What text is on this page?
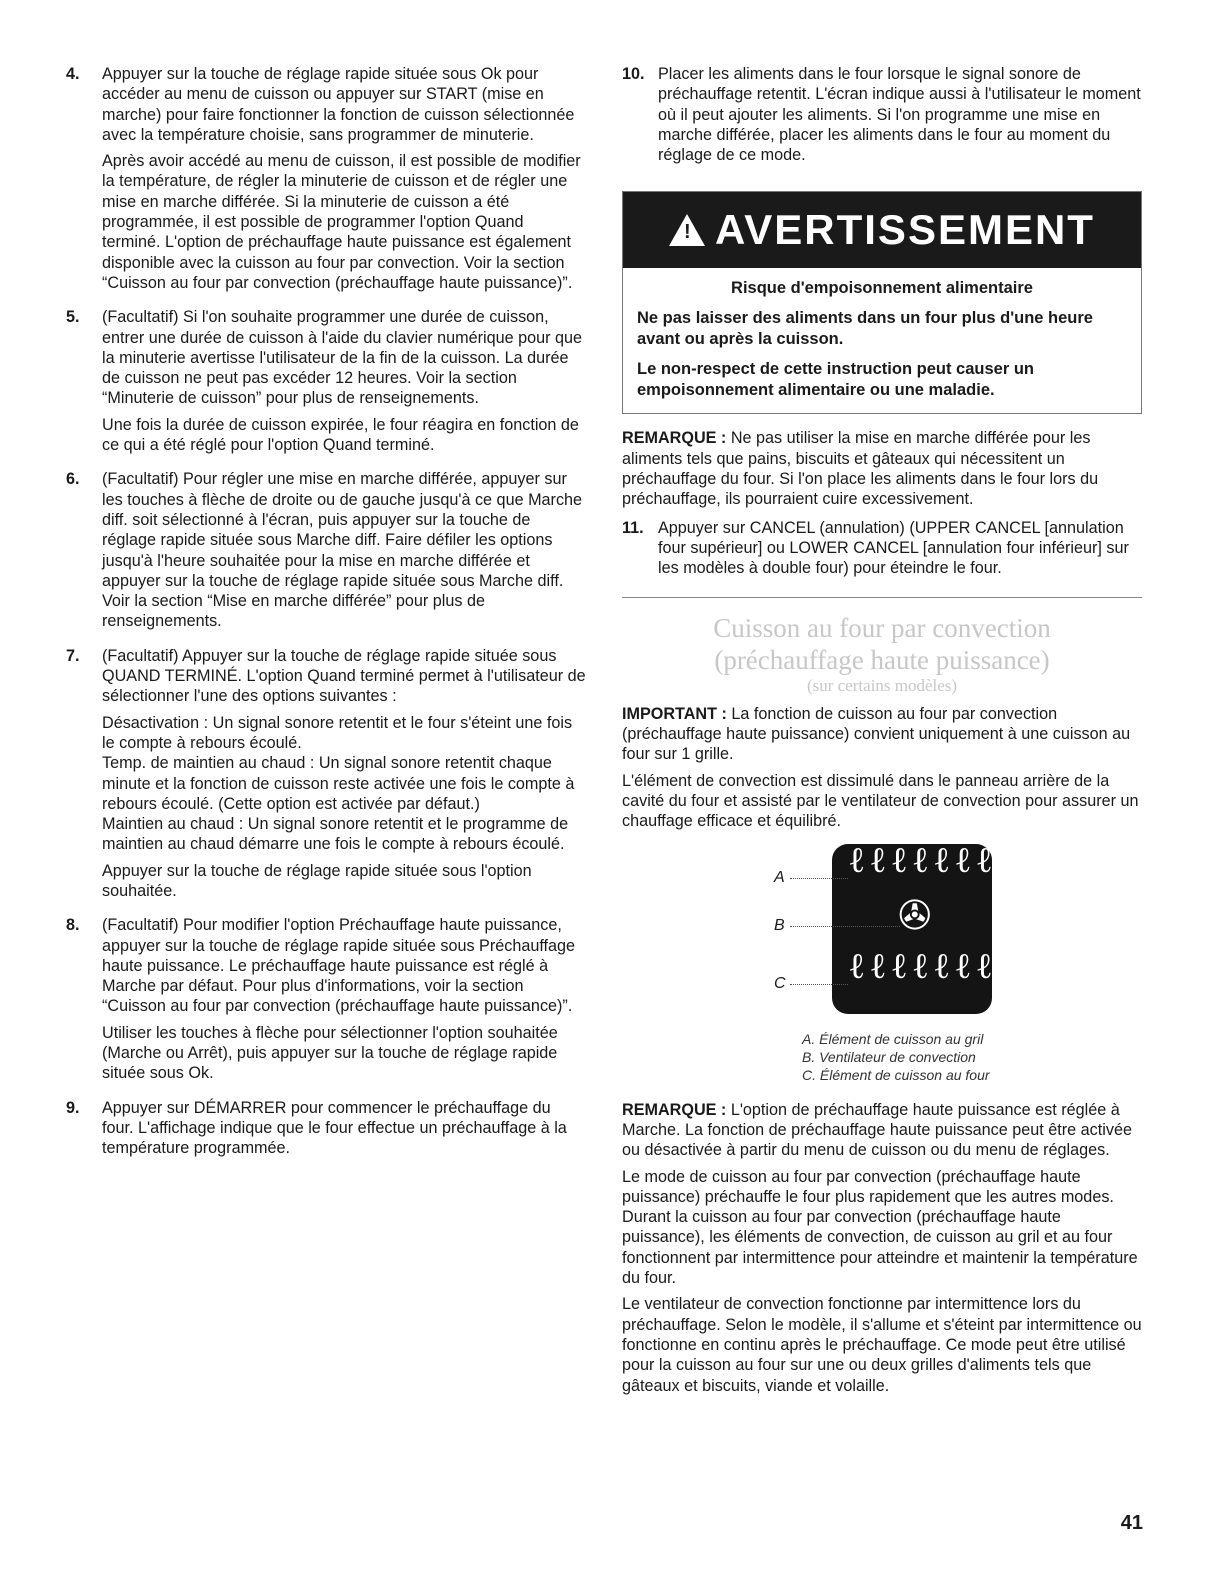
4.	Appuyer sur la touche de réglage rapide située sous Ok pour accéder au menu de cuisson ou appuyer sur START (mise en marche) pour faire fonctionner la fonction de cuisson sélectionnée avec la température choisie, sans programmer de minuterie.

Après avoir accédé au menu de cuisson, il est possible de modifier la température, de régler la minuterie de cuisson et de régler une mise en marche différée. Si la minuterie de cuisson a été programmée, il est possible de programmer l'option Quand terminé. L'option de préchauffage haute puissance est également disponible avec la cuisson au four par convection. Voir la section “Cuisson au four par convection (préchauffage haute puissance)”.

5.	(Facultatif) Si l'on souhaite programmer une durée de cuisson, entrer une durée de cuisson à l'aide du clavier numérique pour que la minuterie avertisse l'utilisateur de la fin de la cuisson. La durée de cuisson ne peut pas excéder 12 heures. Voir la section “Minuterie de cuisson” pour plus de renseignements.

Une fois la durée de cuisson expirée, le four réagira en fonction de ce qui a été réglé pour l'option Quand terminé.

6.	(Facultatif) Pour régler une mise en marche différée, appuyer sur les touches à flèche de droite ou de gauche jusqu'à ce que Marche diff. soit sélectionné à l'écran, puis appuyer sur la touche de réglage rapide située sous Marche diff. Faire défiler les options jusqu'à l'heure souhaitée pour la mise en marche différée et appuyer sur la touche de réglage rapide située sous Marche diff. Voir la section “Mise en marche différée” pour plus de renseignements.

7.	(Facultatif) Appuyer sur la touche de réglage rapide située sous QUAND TERMINÉ. L'option Quand terminé permet à l'utilisateur de sélectionner l'une des options suivantes :

Désactivation : Un signal sonore retentit et le four s'éteint une fois le compte à rebours écoulé.

Temp. de maintien au chaud : Un signal sonore retentit chaque minute et la fonction de cuisson reste activée une fois le compte à rebours écoulé. (Cette option est activée par défaut.)

Maintien au chaud : Un signal sonore retentit et le programme de maintien au chaud démarre une fois le compte à rebours écoulé.

Appuyer sur la touche de réglage rapide située sous l'option souhaitée.

8.	(Facultatif) Pour modifier l'option Préchauffage haute puissance, appuyer sur la touche de réglage rapide située sous Préchauffage haute puissance. Le préchauffage haute puissance est réglé à Marche par défaut. Pour plus d'informations, voir la section “Cuisson au four par convection (préchauffage haute puissance)”.

Utiliser les touches à flèche pour sélectionner l'option souhaitée (Marche ou Arrêt), puis appuyer sur la touche de réglage rapide située sous Ok.

9.	Appuyer sur DÉMARRER pour commencer le préchauffage du four. L'affichage indique que le four effectue un préchauffage à la température programmée.

10. Placer les aliments dans le four lorsque le signal sonore de préchauffage retentit. L'écran indique aussi à l'utilisateur le moment où il peut ajouter les aliments. Si l'on programme une mise en marche différée, placer les aliments dans le four au moment du réglage de ce mode.

! AVERTISSEMENT

Risque d'empoisonnement alimentaire

Ne pas laisser des aliments dans un four plus d'une heure avant ou après la cuisson.

Le non-respect de cette instruction peut causer un empoisonnement alimentaire ou une maladie.

REMARQUE : Ne pas utiliser la mise en marche différée pour les aliments tels que pains, biscuits et gâteaux qui nécessitent un préchauffage du four. Si l'on place les aliments dans le four lors du préchauffage, ils pourraient cuire excessivement.

11. Appuyer sur CANCEL (annulation) (UPPER CANCEL [annulation four supérieur] ou LOWER CANCEL [annulation four inférieur] sur les modèles à double four) pour éteindre le four.

Cuisson au four par convection
(préchauffage haute puissance)
(sur certains modèles)

IMPORTANT : La fonction de cuisson au four par convection (préchauffage haute puissance) convient uniquement à une cuisson au four sur 1 grille.

L'élément de convection est dissimulé dans le panneau arrière de la cavité du four et assisté par le ventilateur de convection pour assurer un chauffage efficace et équilibré.

ℓℓℓℓℓℓℓℓ
✇
ℓℓℓℓℓℓℓℓ
A
B
C
A. Élément de cuisson au gril
B. Ventilateur de convection
C. Élément de cuisson au four

REMARQUE : L'option de préchauffage haute puissance est réglée à Marche. La fonction de préchauffage haute puissance peut être activée ou désactivée à partir du menu de cuisson ou du menu de réglages.

Le mode de cuisson au four par convection (préchauffage haute puissance) préchauffe le four plus rapidement que les autres modes. Durant la cuisson au four par convection (préchauffage haute puissance), les éléments de convection, de cuisson au gril et au four fonctionnent par intermittence pour atteindre et maintenir la température du four.

Le ventilateur de convection fonctionne par intermittence lors du préchauffage. Selon le modèle, il s'allume et s'éteint par intermittence ou fonctionne en continu après le préchauffage. Ce mode peut être utilisé pour la cuisson au four sur une ou deux grilles d'aliments tels que gâteaux et biscuits, viande et volaille.

41
